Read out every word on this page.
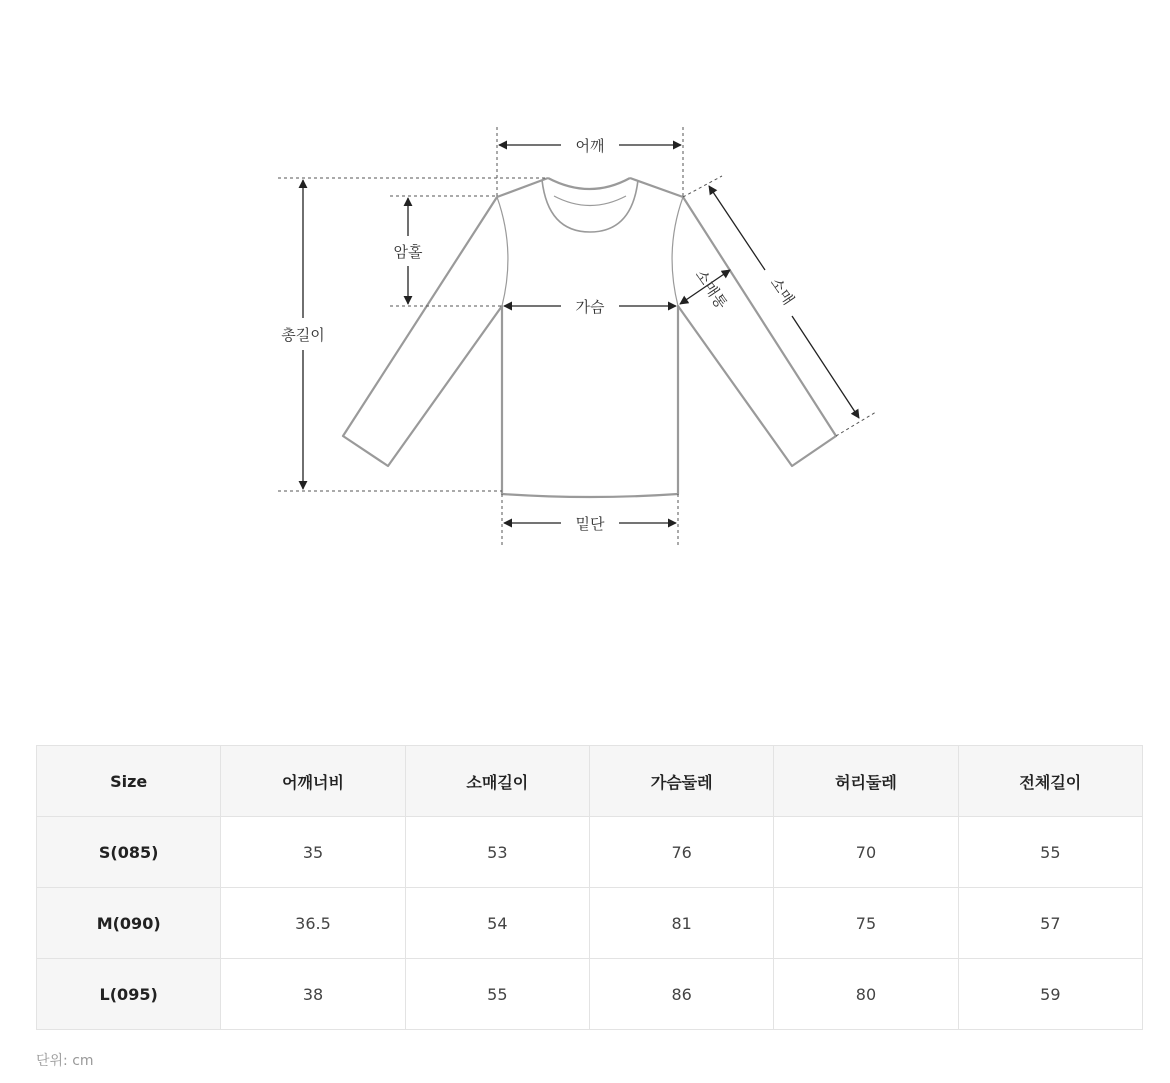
어깨
가슴
밑단
총길이
암홀
소매
소매통
Size	어깨너비	소매길이	가슴둘레	허리둘레	전체길이
S(085)	35	53	76	70	55
M(090)	36.5	54	81	75	57
L(095)	38	55	86	80	59
단위: cm
